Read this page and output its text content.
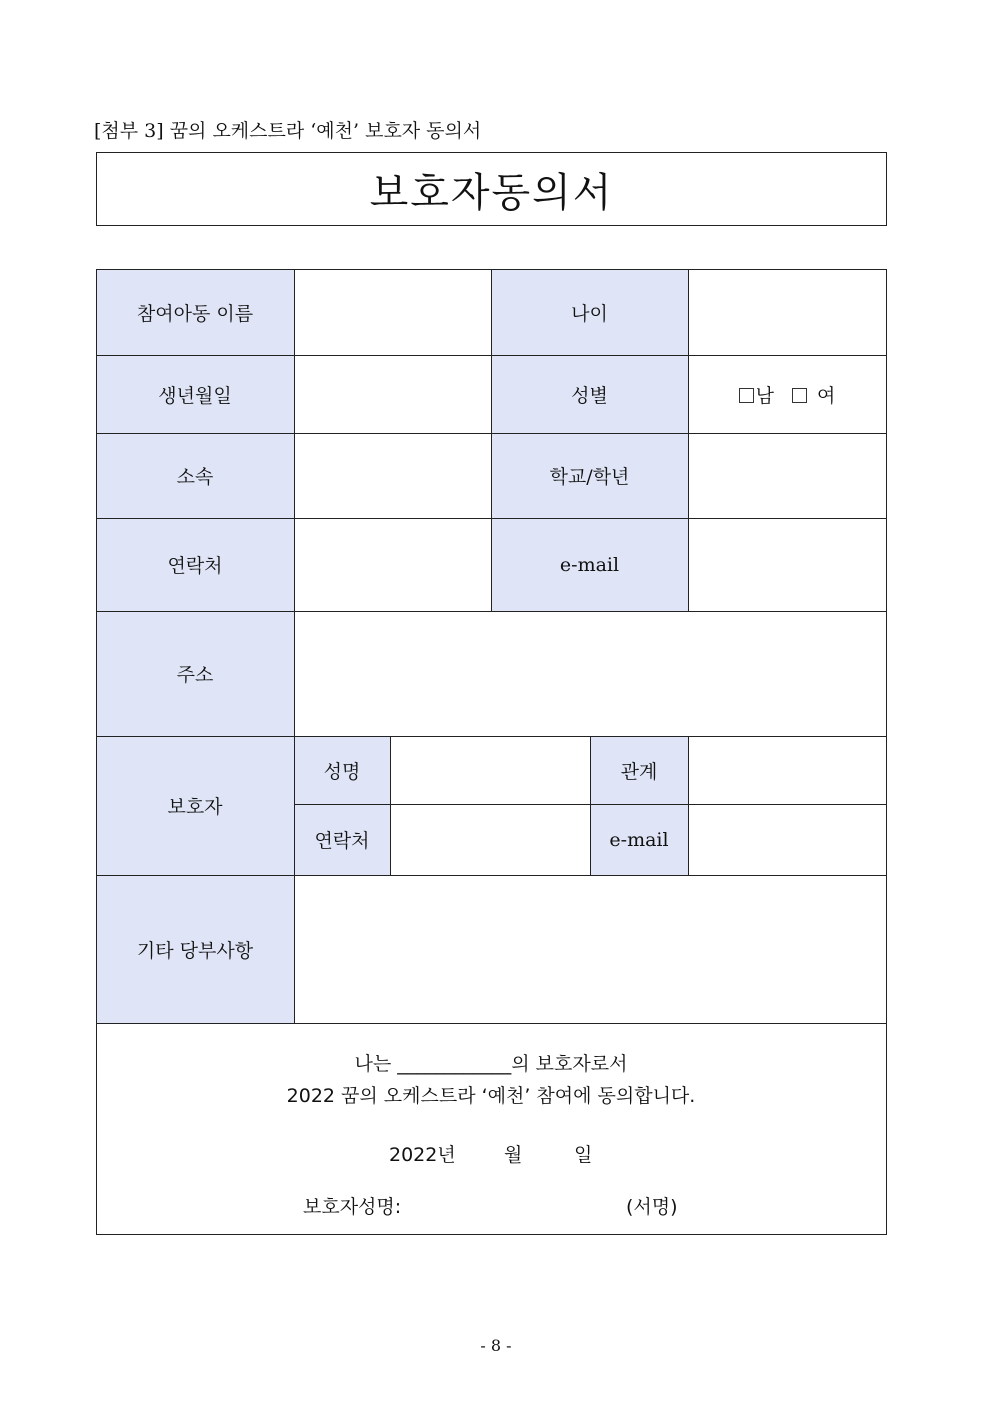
[첨부 3] 꿈의 오케스트라 ‘예천’ 보호자 동의서
보호자동의서
참여아동 이름	나이
생년월일	성별	남	여
소속	학교/학년
연락처	e-mail
주소
보호자
성명	관계
연락처	e-mail
기타 당부사항
나는 ____________의 보호자로서
2022 꿈의 오케스트라 ‘예천’ 참여에 동의합니다.
2022년	월	일
보호자성명:	(서명)
- 8 -
